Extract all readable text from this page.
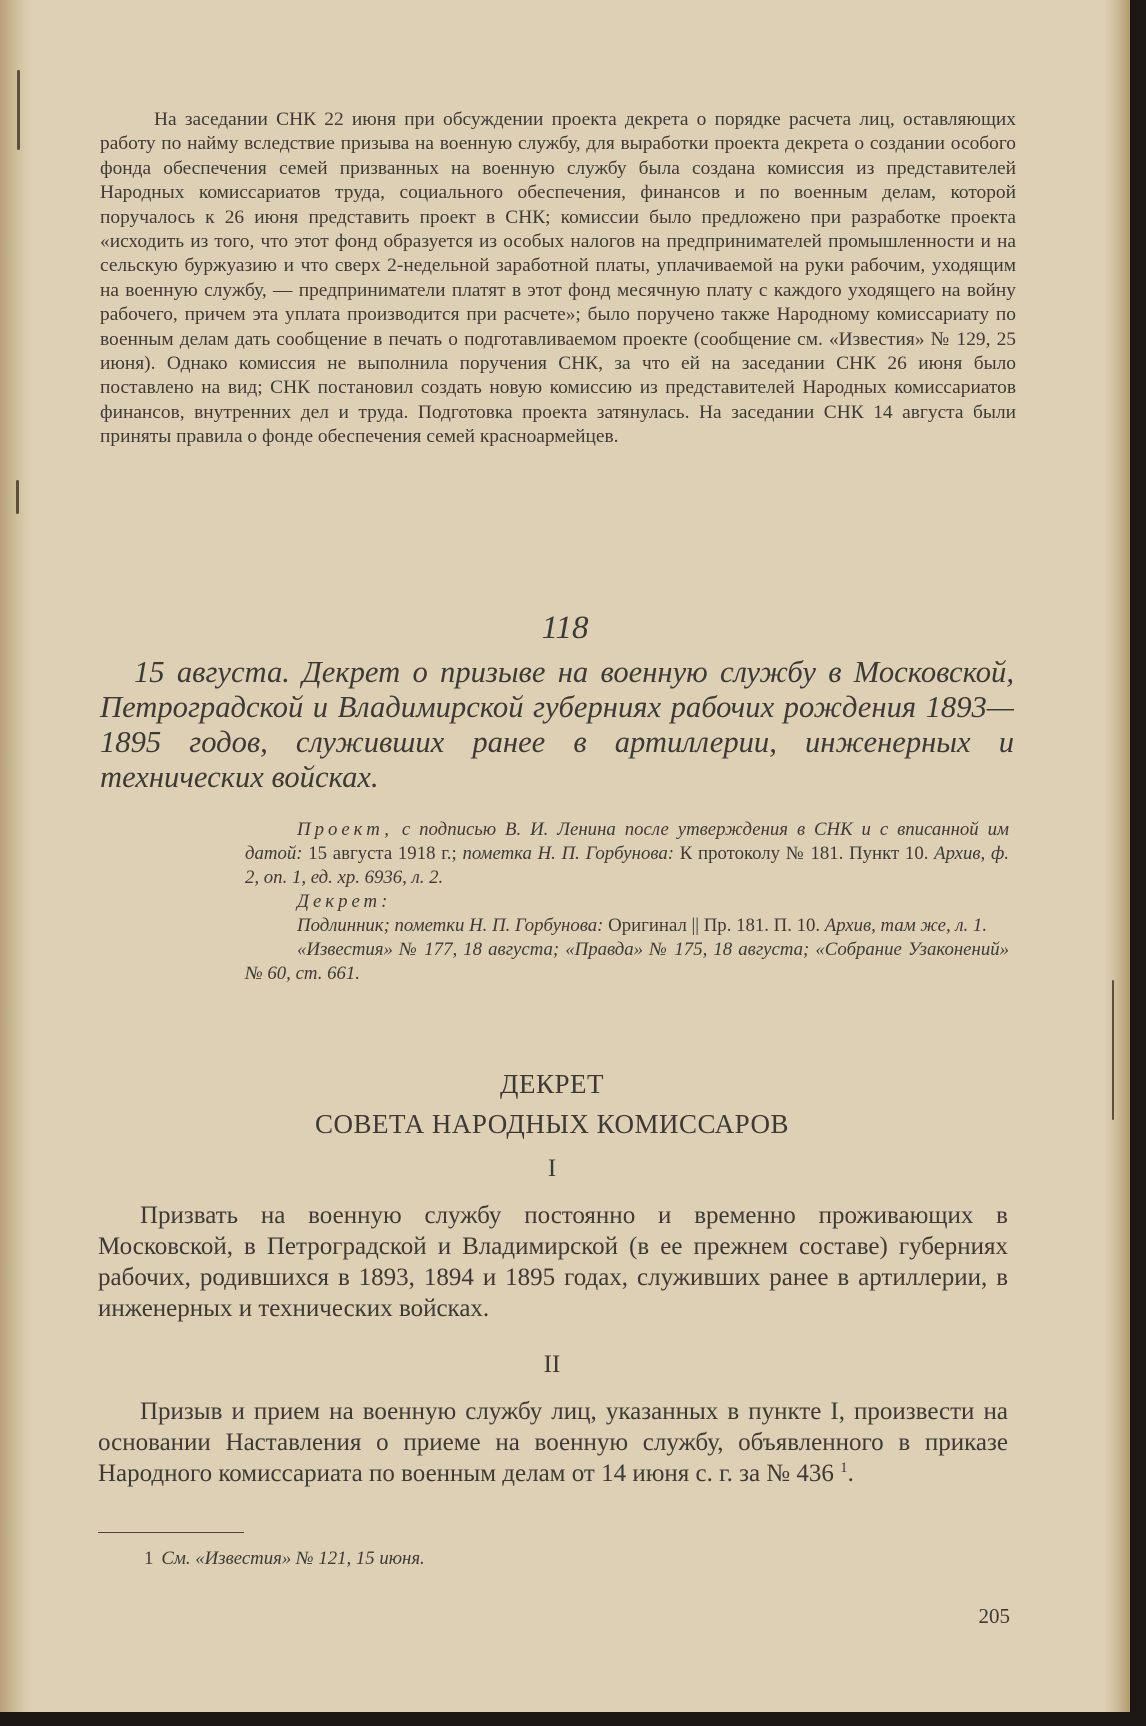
На заседании СНК 22 июня при обсуждении проекта декрета о порядке расчета лиц, оставляющих работу по найму вследствие призыва на военную службу, для выработки проекта декрета о создании особого фонда обеспечения семей призванных на военную службу была создана комиссия из представителей Народных комиссариатов труда, социального обеспечения, финансов и по военным делам, которой поручалось к 26 июня представить проект в СНК; комиссии было предложено при разработке проекта «исходить из того, что этот фонд образуется из особых налогов на предпринимателей промышленности и на сельскую буржуазию и что сверх 2-недельной заработной платы, уплачиваемой на руки рабочим, уходящим на военную службу, — предприниматели платят в этот фонд месячную плату с каждого уходящего на войну рабочего, причем эта уплата производится при расчете»; было поручено также Народному комиссариату по военным делам дать сообщение в печать о подготавливаемом проекте (сообщение см. «Известия» № 129, 25 июня). Однако комиссия не выполнила поручения СНК, за что ей на заседании СНК 26 июня было поставлено на вид; СНК постановил создать новую комиссию из представителей Народных комиссариатов финансов, внутренних дел и труда. Подготовка проекта затянулась. На заседании СНК 14 августа были приняты правила о фонде обеспечения семей красноармейцев.

118
15 августа. Декрет о призыве на военную службу в Московской, Петроградской и Владимирской губерниях рабочих рождения 1893—1895 годов, служивших ранее в артиллерии, инженерных и технических войсках.

Проект, с подписью В. И. Ленина после утверждения в СНК и с вписанной им датой: 15 августа 1918 г.; пометка Н. П. Горбунова: К протоколу № 181. Пункт 10. Архив, ф. 2, оп. 1, ед. хр. 6936, л. 2.

Декрет:

Подлинник; пометки Н. П. Горбунова: Оригинал || Пр. 181. П. 10. Архив, там же, л. 1.

«Известия» № 177, 18 августа; «Правда» № 175, 18 августа; «Собрание Узаконений» № 60, ст. 661.

ДЕКРЕТ
СОВЕТА НАРОДНЫХ КОМИССАРОВ
I

Призвать на военную службу постоянно и временно проживающих в Московской, в Петроградской и Владимирской (в ее прежнем составе) губерниях рабочих, родившихся в 1893, 1894 и 1895 годах, служивших ранее в артиллерии, в инженерных и технических войсках.

II

Призыв и прием на военную службу лиц, указанных в пункте I, произвести на основании Наставления о приеме на военную службу, объявленного в приказе Народного комиссариата по военным делам от 14 июня с. г. за № 436 $^1$.

1 См. «Известия» № 121, 15 июня.
205
